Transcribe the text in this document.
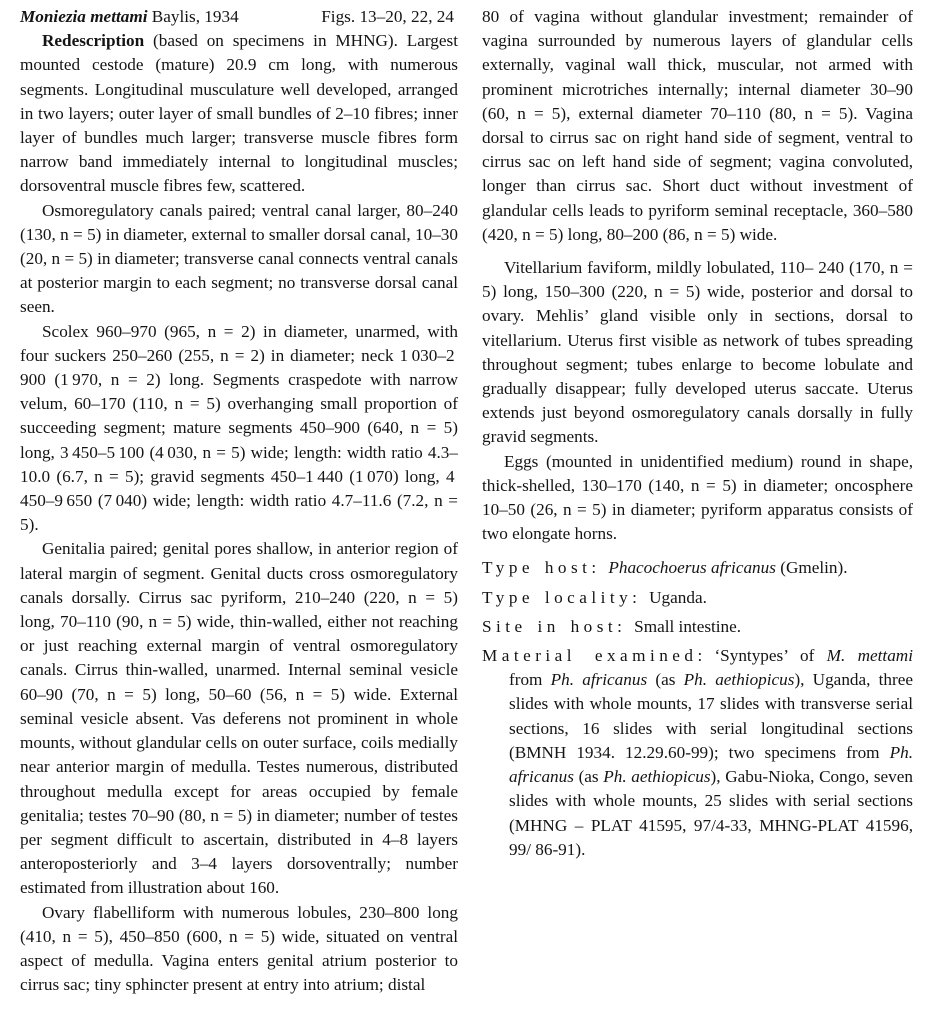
Moniezia mettami Baylis, 1934	Figs. 13–20, 22, 24

Redescription (based on specimens in MHNG). Largest mounted cestode (mature) 20.9 cm long, with numerous segments. Longitudinal musculature well developed, arranged in two layers; outer layer of small bundles of 2–10 fibres; inner layer of bundles much larger; transverse muscle fibres form narrow band immediately internal to longitudinal muscles; dorsoventral muscle fibres few, scattered.

Osmoregulatory canals paired; ventral canal larger, 80–240 (130, n = 5) in diameter, external to smaller dorsal canal, 10–30 (20, n = 5) in diameter; transverse canal connects ventral canals at posterior margin to each segment; no transverse dorsal canal seen.

Scolex 960–970 (965, n = 2) in diameter, unarmed, with four suckers 250–260 (255, n = 2) in diameter; neck 1 030–2 900 (1 970, n = 2) long. Segments craspedote with narrow velum, 60–170 (110, n = 5) overhanging small proportion of succeeding segment; mature segments 450–900 (640, n = 5) long, 3 450–5 100 (4 030, n = 5) wide; length: width ratio 4.3–10.0 (6.7, n = 5); gravid segments 450–1 440 (1 070) long, 4 450–9 650 (7 040) wide; length: width ratio 4.7–11.6 (7.2, n = 5).

Genitalia paired; genital pores shallow, in anterior region of lateral margin of segment. Genital ducts cross osmoregulatory canals dorsally. Cirrus sac pyriform, 210–240 (220, n = 5) long, 70–110 (90, n = 5) wide, thin-walled, either not reaching or just reaching external margin of ventral osmoregulatory canals. Cirrus thin-walled, unarmed. Internal seminal vesicle 60–90 (70, n = 5) long, 50–60 (56, n = 5) wide. External seminal vesicle absent. Vas deferens not prominent in whole mounts, without glandular cells on outer surface, coils medially near anterior margin of medulla. Testes numerous, distributed throughout medulla except for areas occupied by female genitalia; testes 70–90 (80, n = 5) in diameter; number of testes per segment difficult to ascertain, distributed in 4–8 layers anteroposteriorly and 3–4 layers dorsoventrally; number estimated from illustration about 160.

Ovary flabelliform with numerous lobules, 230–800 long (410, n = 5), 450–850 (600, n = 5) wide, situated on ventral aspect of medulla. Vagina enters genital atrium posterior to cirrus sac; tiny sphincter present at entry into atrium; distal

80 of vagina without glandular investment; remainder of vagina surrounded by numerous layers of glandular cells externally, vaginal wall thick, muscular, not armed with prominent microtriches internally; internal diameter 30–90 (60, n = 5), external diameter 70–110 (80, n = 5). Vagina dorsal to cirrus sac on right hand side of segment, ventral to cirrus sac on left hand side of segment; vagina convoluted, longer than cirrus sac. Short duct without investment of glandular cells leads to pyriform seminal receptacle, 360–580 (420, n = 5) long, 80–200 (86, n = 5) wide.

Vitellarium faviform, mildly lobulated, 110– 240 (170, n = 5) long, 150–300 (220, n = 5) wide, posterior and dorsal to ovary. Mehlis’ gland visible only in sections, dorsal to vitellarium. Uterus first visible as network of tubes spreading throughout segment; tubes enlarge to become lobulate and gradually disappear; fully developed uterus saccate. Uterus extends just beyond osmoregulatory canals dorsally in fully gravid segments.

Eggs (mounted in unidentified medium) round in shape, thick-shelled, 130–170 (140, n = 5) in diameter; oncosphere 10–50 (26, n = 5) in diameter; pyriform apparatus consists of two elongate horns.

Type host: Phacochoerus africanus (Gmelin).

Type locality: Uganda.

Site in host: Small intestine.

Material examined: ‘Syntypes’ of M. mettami from Ph. africanus (as Ph. aethiopicus), Uganda, three slides with whole mounts, 17 slides with transverse serial sections, 16 slides with serial longitudinal sections (BMNH 1934. 12.29.60-99); two specimens from Ph. africanus (as Ph. aethiopicus), Gabu-Nioka, Congo, seven slides with whole mounts, 25 slides with serial sections (MHNG – PLAT 41595, 97/4-33, MHNG-PLAT 41596, 99/ 86-91).
